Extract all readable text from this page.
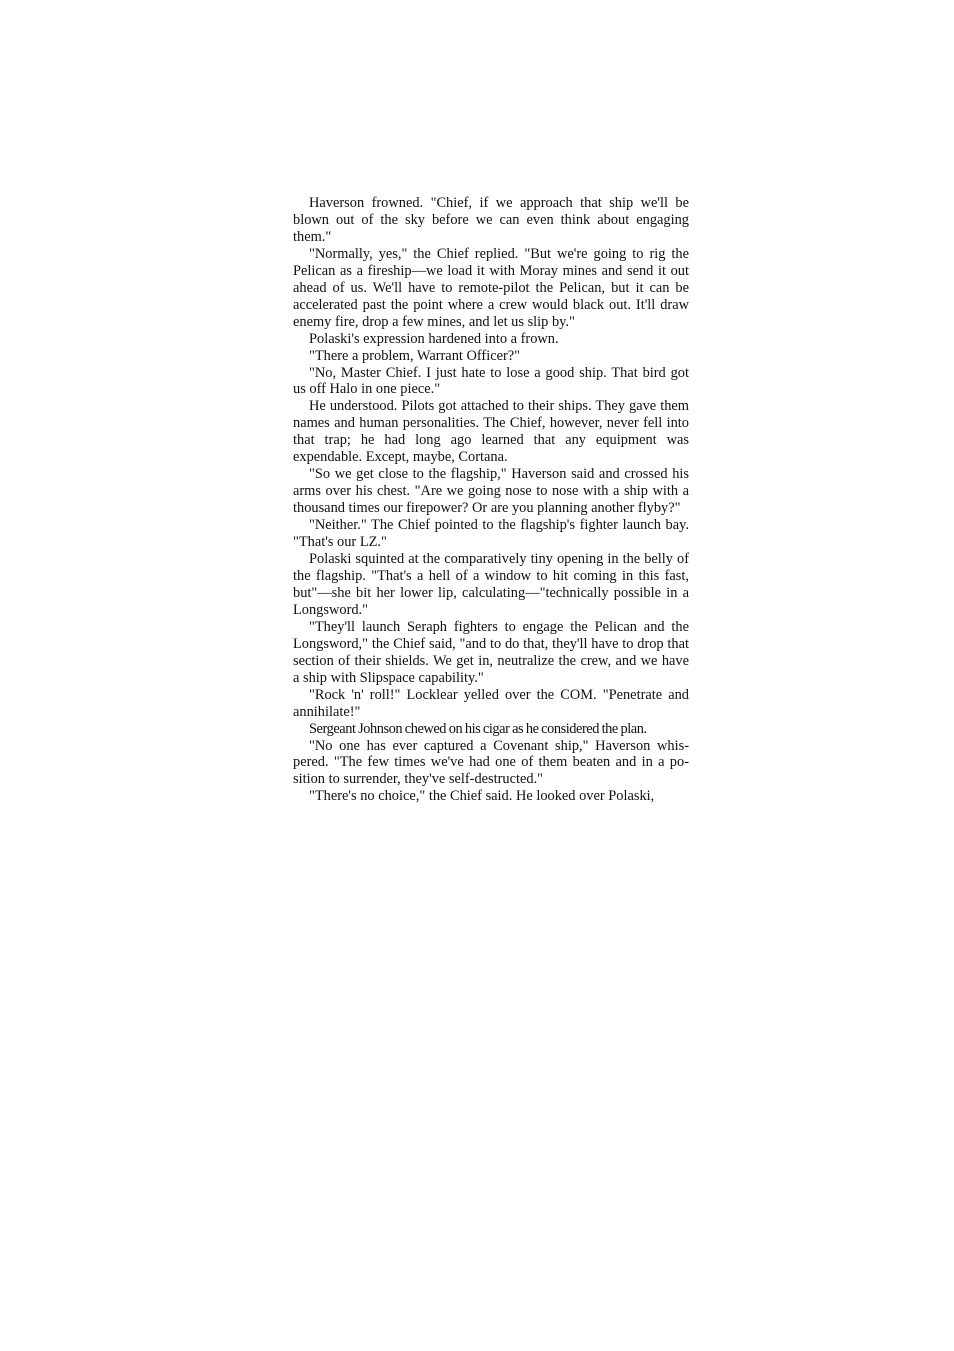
Haverson frowned. "Chief, if we approach that ship we'll be blown out of the sky before we can even think about engaging them."

"Normally, yes," the Chief replied. "But we're going to rig the Pelican as a fireship—we load it with Moray mines and send it out ahead of us. We'll have to remote-pilot the Pelican, but it can be accelerated past the point where a crew would black out. It'll draw enemy fire, drop a few mines, and let us slip by."

Polaski's expression hardened into a frown.

"There a problem, Warrant Officer?"

"No, Master Chief. I just hate to lose a good ship. That bird got us off Halo in one piece."

He understood. Pilots got attached to their ships. They gave them names and human personalities. The Chief, however, never fell into that trap; he had long ago learned that any equipment was expendable. Except, maybe, Cortana.

"So we get close to the flagship," Haverson said and crossed his arms over his chest. "Are we going nose to nose with a ship with a thousand times our firepower? Or are you planning another flyby?"

"Neither." The Chief pointed to the flagship's fighter launch bay. "That's our LZ."

Polaski squinted at the comparatively tiny opening in the belly of the flagship. "That's a hell of a window to hit coming in this fast, but"—she bit her lower lip, calculating—"technically possible in a Longsword."

"They'll launch Seraph fighters to engage the Pelican and the Longsword," the Chief said, "and to do that, they'll have to drop that section of their shields. We get in, neutralize the crew, and we have a ship with Slipspace capability."

"Rock 'n' roll!" Locklear yelled over the COM. "Penetrate and annihilate!"

Sergeant Johnson chewed on his cigar as he considered the plan.

"No one has ever captured a Covenant ship," Haverson whispered. "The few times we've had one of them beaten and in a position to surrender, they've self-destructed."

"There's no choice," the Chief said. He looked over Polaski,
